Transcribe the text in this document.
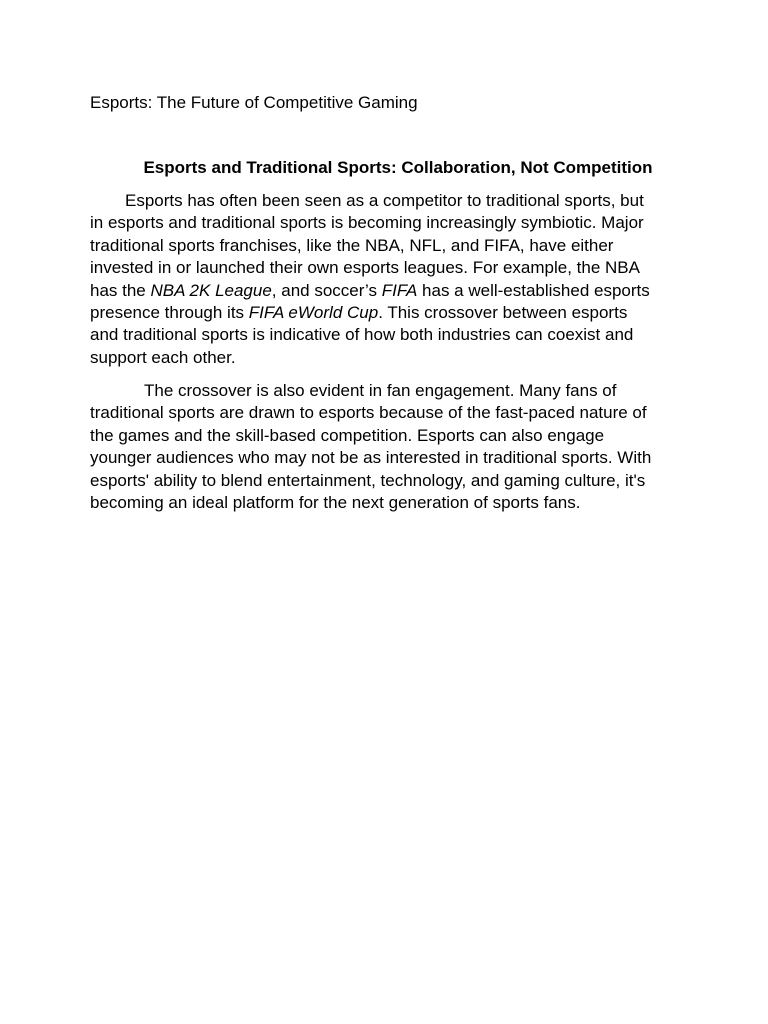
Esports: The Future of Competitive Gaming
Esports and Traditional Sports: Collaboration, Not Competition
Esports has often been seen as a competitor to traditional sports, but
in esports and traditional sports is becoming increasingly symbiotic. Major
traditional sports franchises, like the NBA, NFL, and FIFA, have either
invested in or launched their own esports leagues. For example, the NBA
has the NBA 2K League, and soccer’s FIFA has a well-established esports
presence through its FIFA eWorld Cup. This crossover between esports
and traditional sports is indicative of how both industries can coexist and
support each other.
The crossover is also evident in fan engagement. Many fans of
traditional sports are drawn to esports because of the fast-paced nature of
the games and the skill-based competition. Esports can also engage
younger audiences who may not be as interested in traditional sports. With
esports' ability to blend entertainment, technology, and gaming culture, it's
becoming an ideal platform for the next generation of sports fans.
